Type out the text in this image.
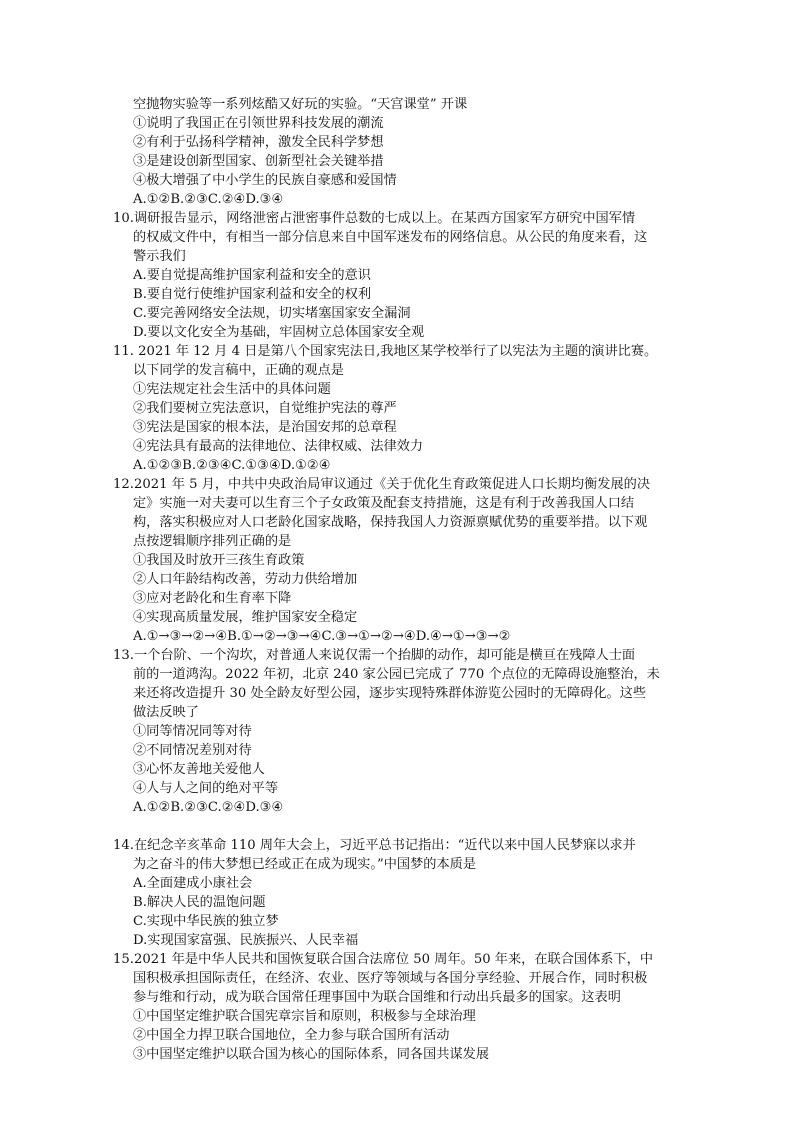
空抛物实验等一系列炫酷又好玩的实验。“天宫课堂” 开课
①说明了我国正在引领世界科技发展的潮流
②有利于弘扬科学精神，激发全民科学梦想
③是建设创新型国家、创新型社会关键举措
④极大增强了中小学生的民族自豪感和爱国情
A.①②B.②③C.②④D.③④
10.调研报告显示，网络泄密占泄密事件总数的七成以上。在某西方国家军方研究中国军情
的权威文件中，有相当一部分信息来自中国军迷发布的网络信息。从公民的角度来看，这
警示我们
A.要自觉提高维护国家利益和安全的意识
B.要自觉行使维护国家利益和安全的权利
C.要完善网络安全法规，切实堵塞国家安全漏洞
D.要以文化安全为基础，牢固树立总体国家安全观
11. 2021 年 12 月 4 日是第八个国家宪法日,我地区某学校举行了以宪法为主题的演讲比赛。
以下同学的发言稿中，正确的观点是
①宪法规定社会生活中的具体问题
②我们要树立宪法意识，自觉维护宪法的尊严
③宪法是国家的根本法，是治国安邦的总章程
④宪法具有最高的法律地位、法律权威、法律效力
A.①②③B.②③④C.①③④D.①②④
12.2021 年 5 月，中共中央政治局审议通过《关于优化生育政策促进人口长期均衡发展的决
定》实施一对夫妻可以生育三个子女政策及配套支持措施，这是有利于改善我国人口结
构，落实积极应对人口老龄化国家战略，保持我国人力资源禀赋优势的重要举措。以下观
点按逻辑顺序排列正确的是
①我国及时放开三孩生育政策
②人口年龄结构改善，劳动力供给增加
③应对老龄化和生育率下降
④实现高质量发展，维护国家安全稳定
A.①→③→②→④B.①→②→③→④C.③→①→②→④D.④→①→③→②
13.一个台阶、一个沟坎，对普通人来说仅需一个抬脚的动作，却可能是横亘在残障人士面
前的一道鸿沟。2022 年初，北京 240 家公园已完成了 770 个点位的无障碍设施整治，未
来还将改造提升 30 处全龄友好型公园，逐步实现特殊群体游览公园时的无障碍化。这些
做法反映了
①同等情况同等对待
②不同情况差别对待
③心怀友善地关爱他人
④人与人之间的绝对平等
A.①②B.②③C.②④D.③④
14.在纪念辛亥革命 110 周年大会上，习近平总书记指出：“近代以来中国人民梦寐以求并
为之奋斗的伟大梦想已经或正在成为现实。”中国梦的本质是
A.全面建成小康社会
B.解决人民的温饱问题
C.实现中华民族的独立梦
D.实现国家富强、民族振兴、人民幸福
15.2021 年是中华人民共和国恢复联合国合法席位 50 周年。50 年来，在联合国体系下，中
国积极承担国际责任，在经济、农业、医疗等领域与各国分享经验、开展合作，同时积极
参与维和行动，成为联合国常任理事国中为联合国维和行动出兵最多的国家。这表明
①中国坚定维护联合国宪章宗旨和原则，积极参与全球治理
②中国全力捍卫联合国地位，全力参与联合国所有活动
③中国坚定维护以联合国为核心的国际体系，同各国共谋发展
